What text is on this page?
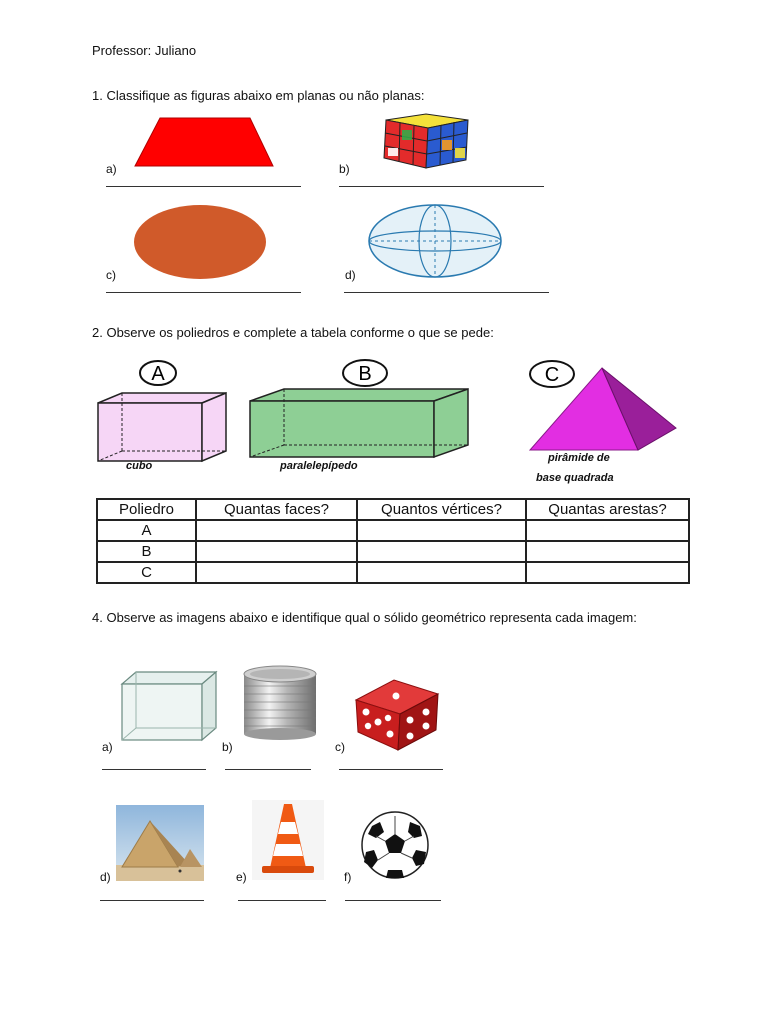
Professor: Juliano
1. Classifique as figuras abaixo em planas ou não planas:
a)	b)
c)	d)
2. Observe os poliedros e complete a tabela conforme o que se pede:
A
cubo
B
paralelepípedo
C
pirâmide de
base quadrada
Poliedro	Quantas faces?	Quantos vértices?	Quantas arestas?
A			
B			
C			
4. Observe as imagens abaixo e identifique qual o sólido geométrico representa cada imagem:
a)	b)	c)
d)	e)	f)
